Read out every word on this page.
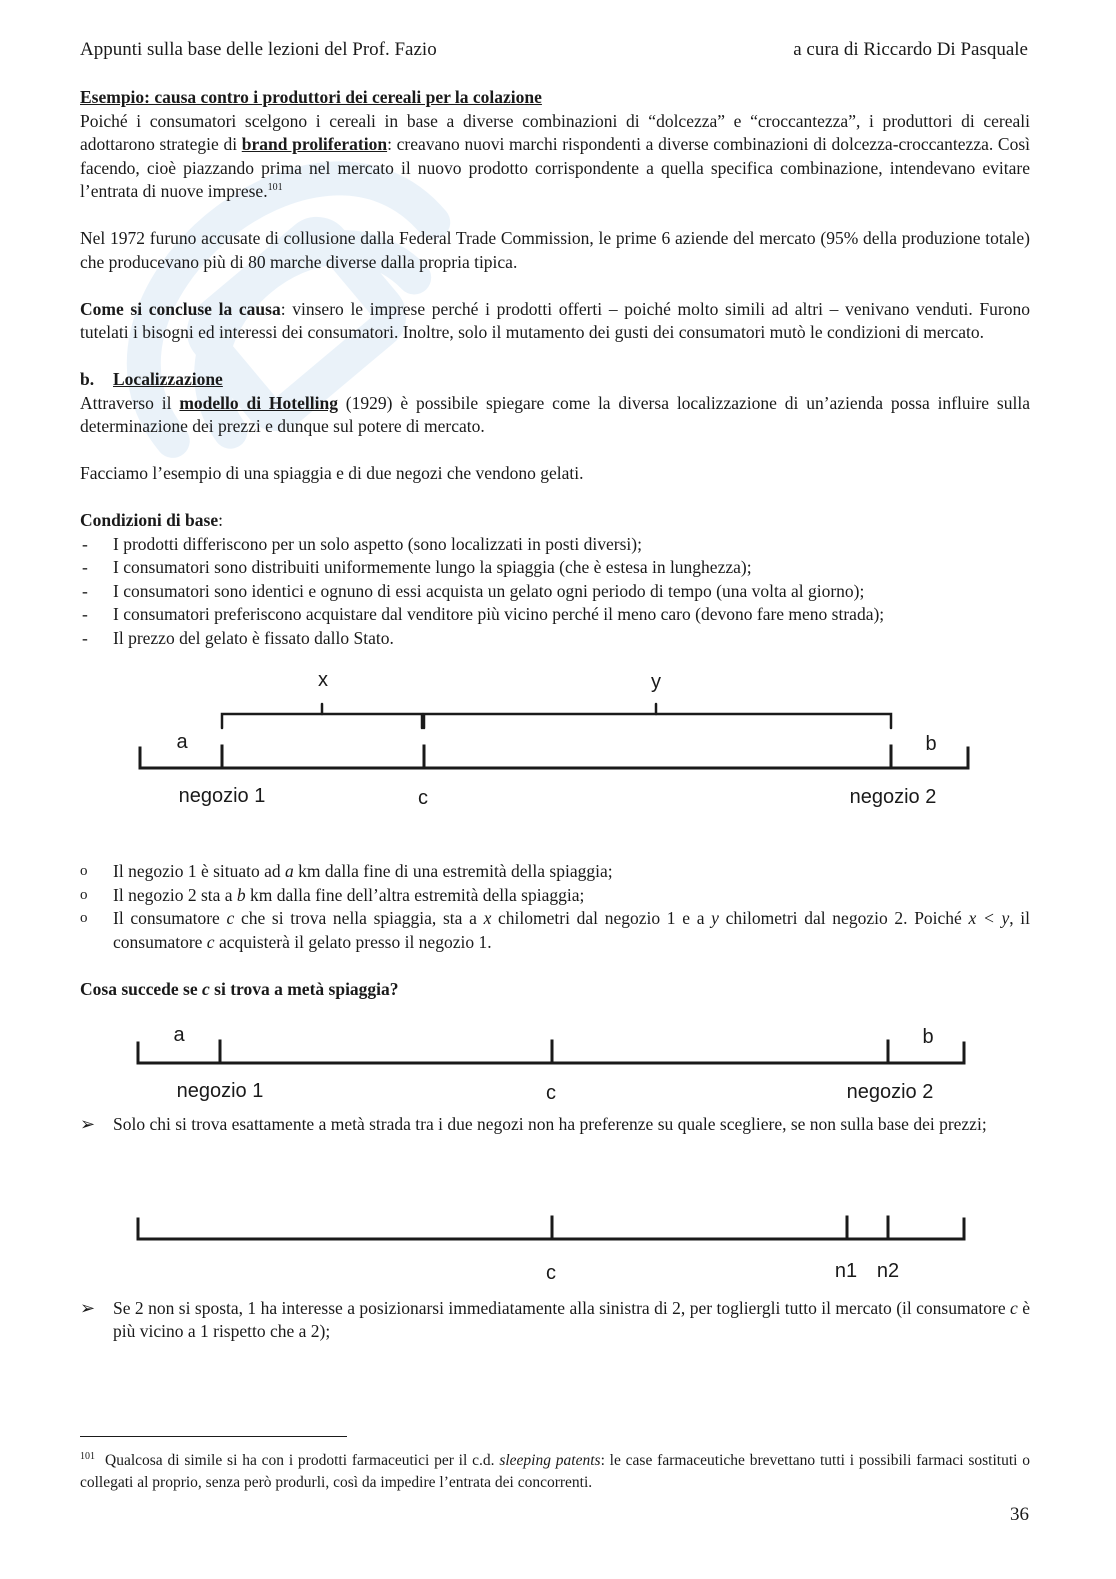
Appunti sulla base delle lezioni del Prof. Fazio	a cura di Riccardo Di Pasquale

Esempio: causa contro i produttori dei cereali per la colazione

Poiché i consumatori scelgono i cereali in base a diverse combinazioni di “dolcezza” e “croccantezza”, i produttori di cereali adottarono strategie di brand proliferation: creavano nuovi marchi rispondenti a diverse combinazioni di dolcezza-croccantezza. Così facendo, cioè piazzando prima nel mercato il nuovo prodotto corrispondente a quella specifica combinazione, intendevano evitare l’entrata di nuove imprese.$^{101}$

Nel 1972 furuno accusate di collusione dalla Federal Trade Commission, le prime 6 aziende del mercato (95% della produzione totale) che producevano più di 80 marche diverse dalla propria tipica.

Come si concluse la causa: vinsero le imprese perché i prodotti offerti – poiché molto simili ad altri – venivano venduti. Furono tutelati i bisogni ed interessi dei consumatori. Inoltre, solo il mutamento dei gusti dei consumatori mutò le condizioni di mercato.

b. Localizzazione

Attraverso il modello di Hotelling (1929) è possibile spiegare come la diversa localizzazione di un’azienda possa influire sulla determinazione dei prezzi e dunque sul potere di mercato.

Facciamo l’esempio di una spiaggia e di due negozi che vendono gelati.

Condizioni di base:

- I prodotti differiscono per un solo aspetto (sono localizzati in posti diversi);
- I consumatori sono distribuiti uniformemente lungo la spiaggia (che è estesa in lunghezza);
- I consumatori sono identici e ognuno di essi acquista un gelato ogni periodo di tempo (una volta al giorno);
- I consumatori preferiscono acquistare dal venditore più vicino perché il meno caro (devono fare meno strada);
- Il prezzo del gelato è fissato dallo Stato.
x	y
a	b
negozio 1	c	negozio 2
o Il negozio 1 è situato ad a km dalla fine di una estremità della spiaggia;
o Il negozio 2 sta a b km dalla fine dell’altra estremità della spiaggia;
o Il consumatore c che si trova nella spiaggia, sta a x chilometri dal negozio 1 e a y chilometri dal negozio 2. Poiché x < y, il consumatore c acquisterà il gelato presso il negozio 1.

Cosa succede se c si trova a metà spiaggia?

a	b
negozio 1	c	negozio 2
➢ Solo chi si trova esattamente a metà strada tra i due negozi non ha preferenze su quale scegliere, se non sulla base dei prezzi;
c	n1 n2
➢ Se 2 non si sposta, 1 ha interesse a posizionarsi immediatamente alla sinistra di 2, per togliergli tutto il mercato (il consumatore c è più vicino a 1 rispetto che a 2);
$^{101}$ Qualcosa di simile si ha con i prodotti farmaceutici per il c.d. sleeping patents: le case farmaceutiche brevettano tutti i possibili farmaci sostituti o collegati al proprio, senza però produrli, così da impedire l’entrata dei concorrenti.
36
